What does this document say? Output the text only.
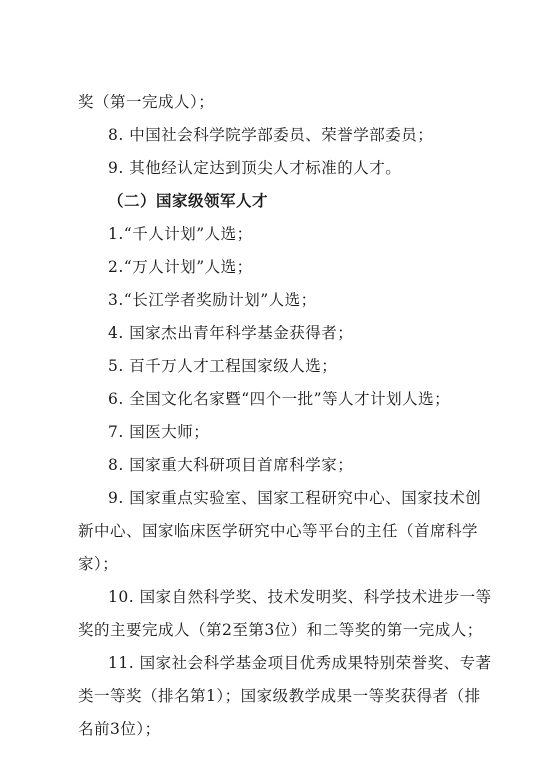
奖（第一完成人）；
8. 中国社会科学院学部委员、荣誉学部委员；
9. 其他经认定达到顶尖人才标准的人才。
（二）国家级领军人才
1.“千人计划”人选；
2.“万人计划”人选；
3.“长江学者奖励计划”人选；
4. 国家杰出青年科学基金获得者；
5. 百千万人才工程国家级人选；
6. 全国文化名家暨“四个一批”等人才计划人选；
7. 国医大师；
8. 国家重大科研项目首席科学家；
9. 国家重点实验室、国家工程研究中心、国家技术创
新中心、国家临床医学研究中心等平台的主任（首席科学
家）；
10. 国家自然科学奖、技术发明奖、科学技术进步一等
奖的主要完成人（第2至第3位）和二等奖的第一完成人；
11. 国家社会科学基金项目优秀成果特别荣誉奖、专著
类一等奖（排名第1）；国家级教学成果一等奖获得者（排
名前3位）；
